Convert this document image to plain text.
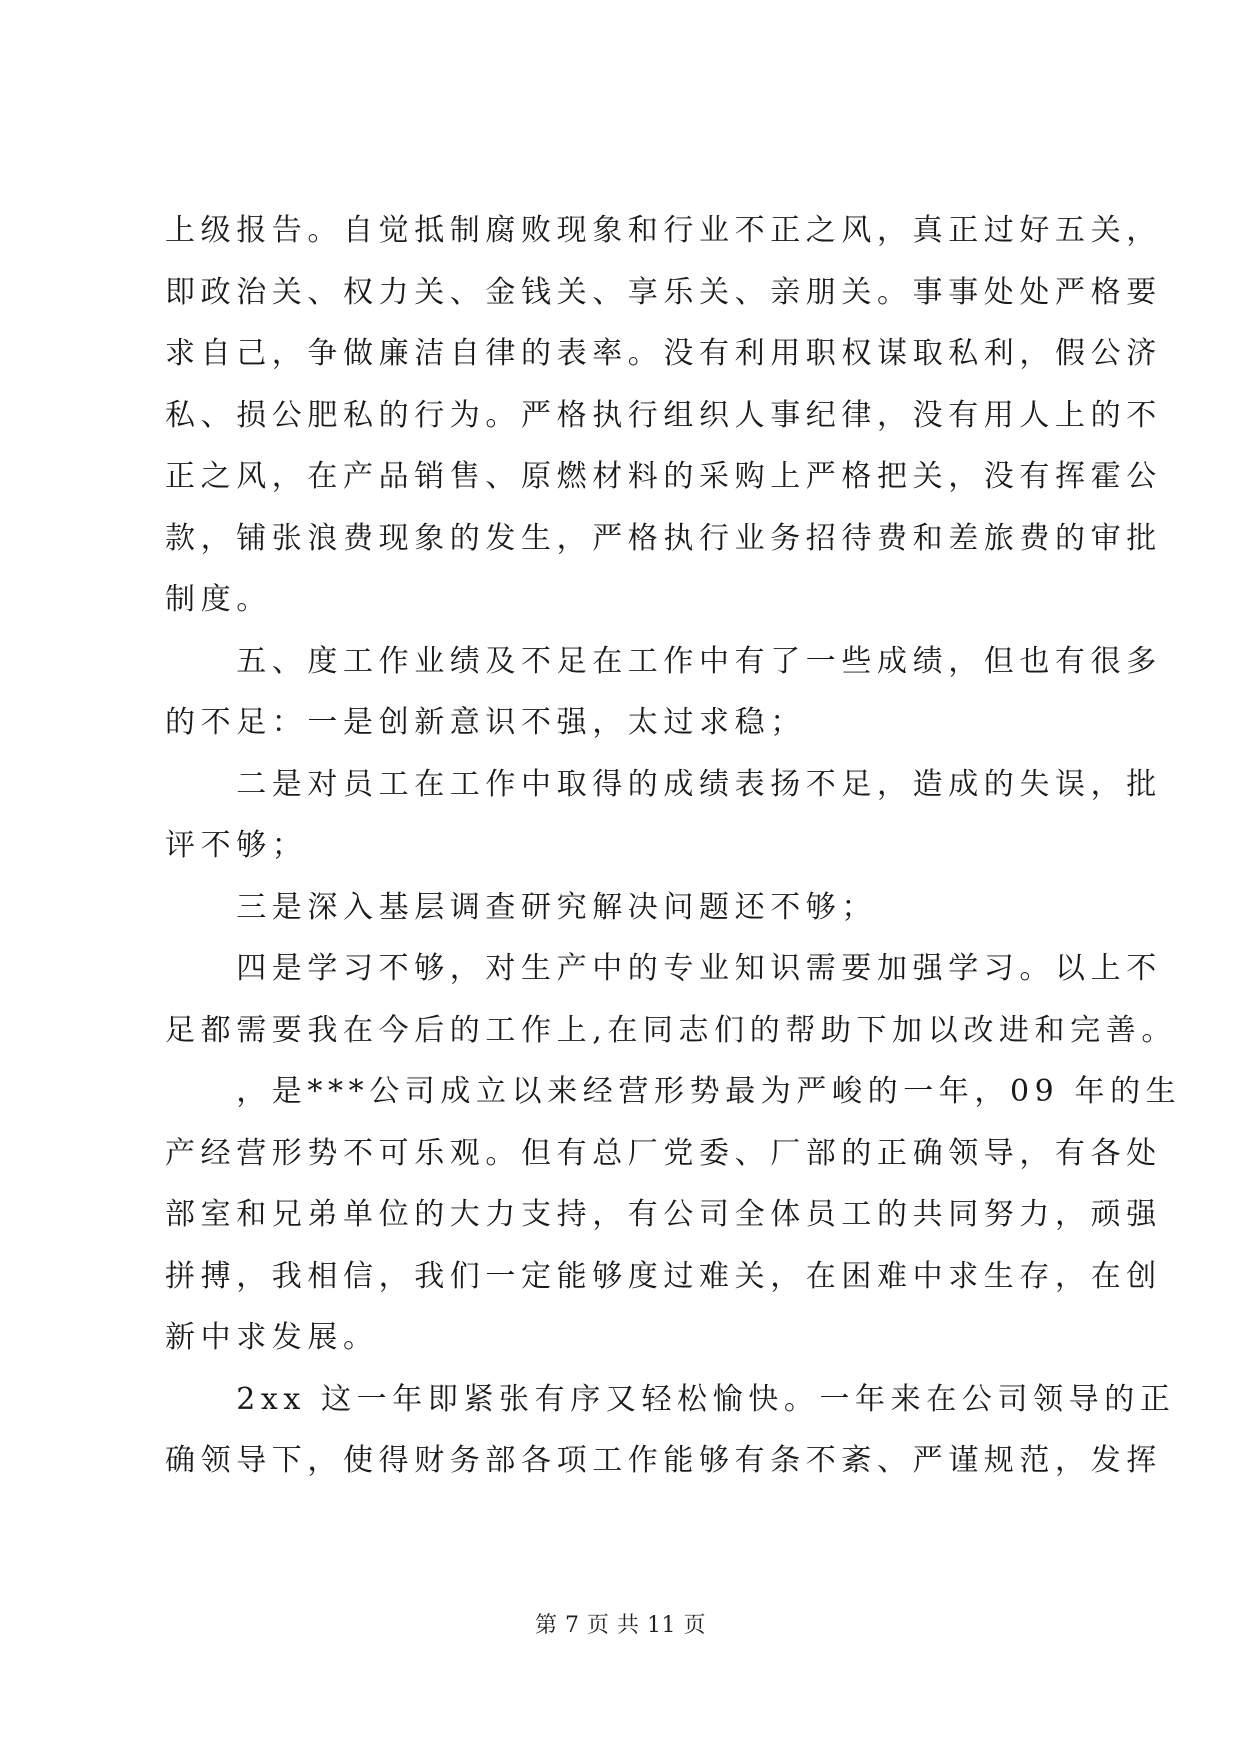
上级报告。自觉抵制腐败现象和行业不正之风，真正过好五关，
即政治关、权力关、金钱关、享乐关、亲朋关。事事处处严格要
求自己，争做廉洁自律的表率。没有利用职权谋取私利，假公济
私、损公肥私的行为。严格执行组织人事纪律，没有用人上的不
正之风，在产品销售、原燃材料的采购上严格把关，没有挥霍公
款，铺张浪费现象的发生，严格执行业务招待费和差旅费的审批
制度。
　　五、度工作业绩及不足在工作中有了一些成绩，但也有很多
的不足：一是创新意识不强，太过求稳；
　　二是对员工在工作中取得的成绩表扬不足，造成的失误，批
评不够；
　　三是深入基层调查研究解决问题还不够；
　　四是学习不够，对生产中的专业知识需要加强学习。以上不
足都需要我在今后的工作上,在同志们的帮助下加以改进和完善。
　　，是***公司成立以来经营形势最为严峻的一年，09 年的生
产经营形势不可乐观。但有总厂党委、厂部的正确领导，有各处
部室和兄弟单位的大力支持，有公司全体员工的共同努力，顽强
拼搏，我相信，我们一定能够度过难关，在困难中求生存，在创
新中求发展。
　　2xx 这一年即紧张有序又轻松愉快。一年来在公司领导的正
确领导下，使得财务部各项工作能够有条不紊、严谨规范，发挥
第 7 页 共 11 页
